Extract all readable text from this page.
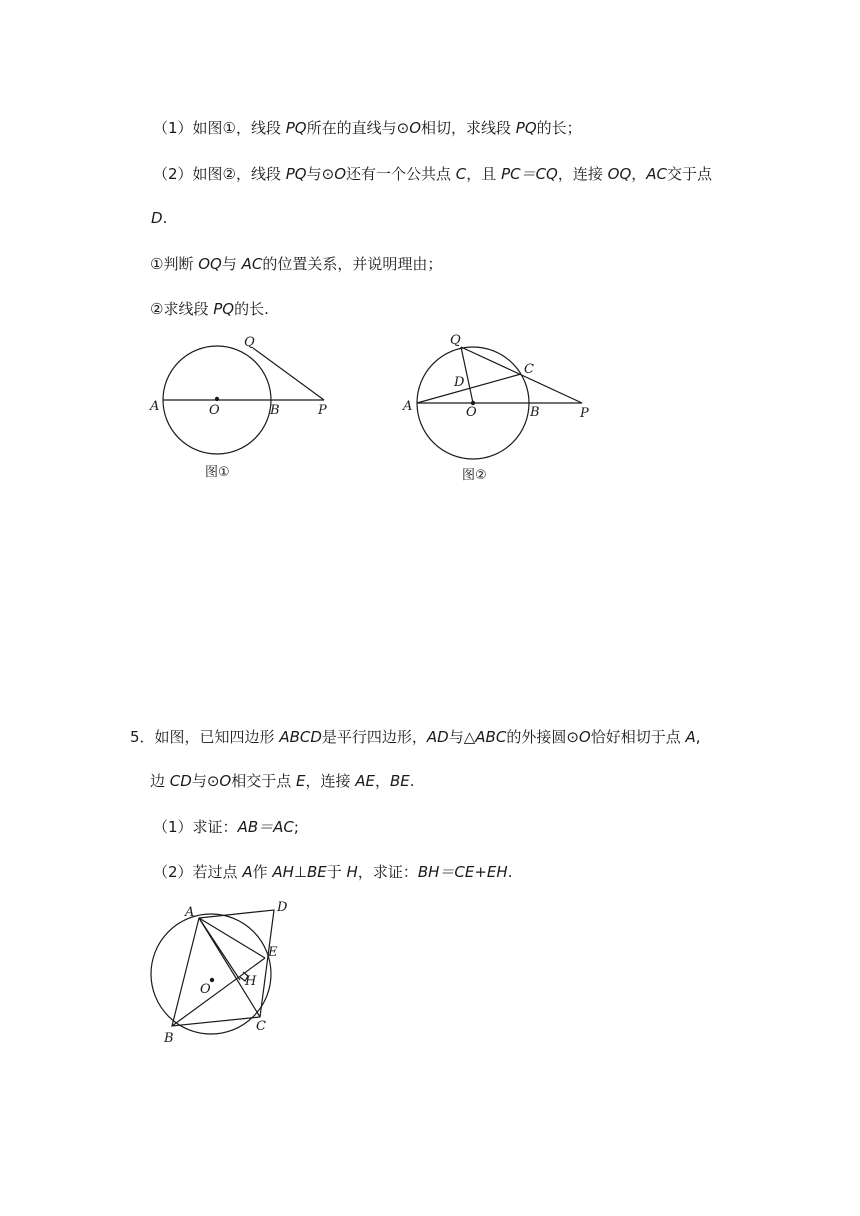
（1）如图①，线段 PQ所在的直线与⊙O相切，求线段 PQ的长；
（2）如图②，线段 PQ与⊙O还有一个公共点 C，且 PC＝CQ，连接 OQ，AC交于点
D.
①判断 OQ与 AC的位置关系，并说明理由；
②求线段 PQ的长.
A	O	B	P
Q
图①
A	O	B	P
Q
C
D
图②
A	D
E
H
O
B
C
5．如图，已知四边形 ABCD是平行四边形，AD与△ABC的外接圆⊙O恰好相切于点 A,
边 CD与⊙O相交于点 E，连接 AE，BE.
（1）求证：AB＝AC;
（2）若过点 A作 AH⊥BE于 H，求证：BH＝CE+EH.
